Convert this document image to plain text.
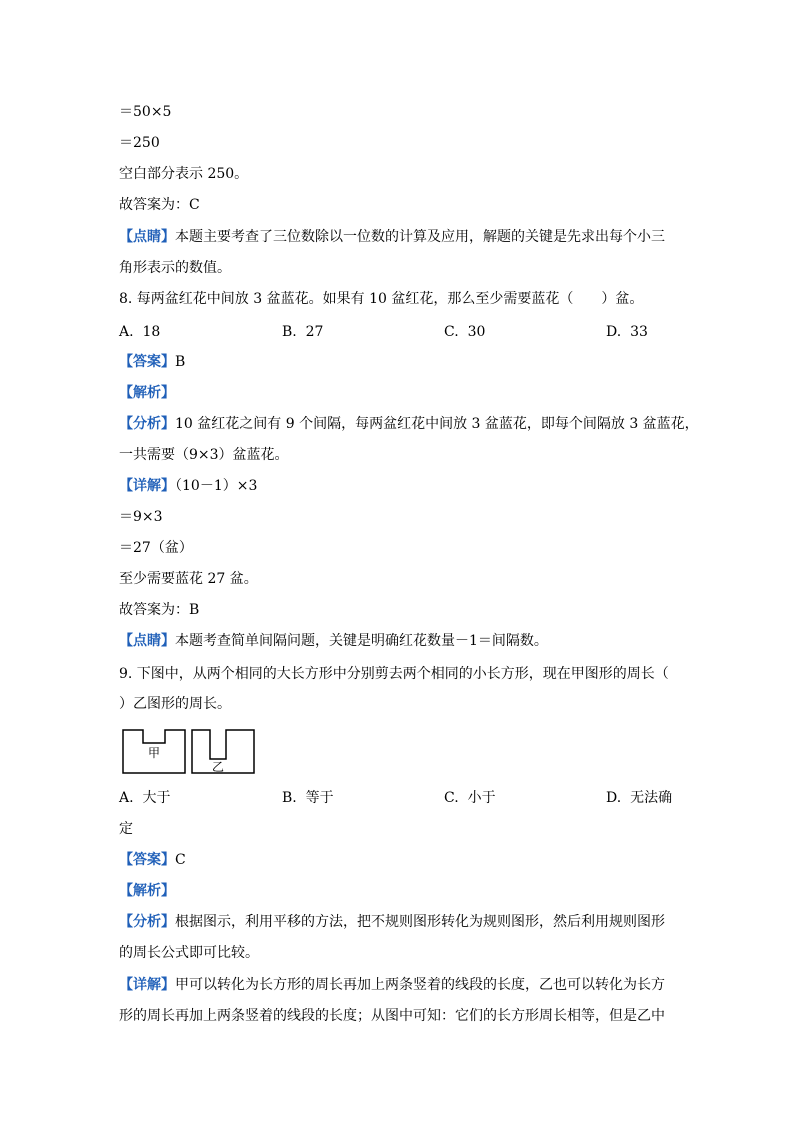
＝50×5
＝250
空白部分表示 250。
故答案为：C
【点睛】本题主要考查了三位数除以一位数的计算及应用，解题的关键是先求出每个小三
角形表示的数值。
8. 每两盆红花中间放 3 盆蓝花。如果有 10 盆红花，那么至少需要蓝花（　　）盆。
A.  18	B.  27	C.  30	D.  33
【答案】B
【解析】
【分析】10 盆红花之间有 9 个间隔，每两盆红花中间放 3 盆蓝花，即每个间隔放 3 盆蓝花，
一共需要（9×3）盆蓝花。
【详解】（10－1）×3
＝9×3
＝27（盆）
至少需要蓝花 27 盆。
故答案为：B
【点睛】本题考查简单间隔问题，关键是明确红花数量－1＝间隔数。
9. 下图中，从两个相同的大长方形中分别剪去两个相同的小长方形，现在甲图形的周长（
）乙图形的周长。
甲
乙
A.  大于	B.  等于	C.  小于	D.  无法确
定
【答案】C
【解析】
【分析】根据图示，利用平移的方法，把不规则图形转化为规则图形，然后利用规则图形
的周长公式即可比较。
【详解】甲可以转化为长方形的周长再加上两条竖着的线段的长度，乙也可以转化为长方
形的周长再加上两条竖着的线段的长度；从图中可知：它们的长方形周长相等，但是乙中
